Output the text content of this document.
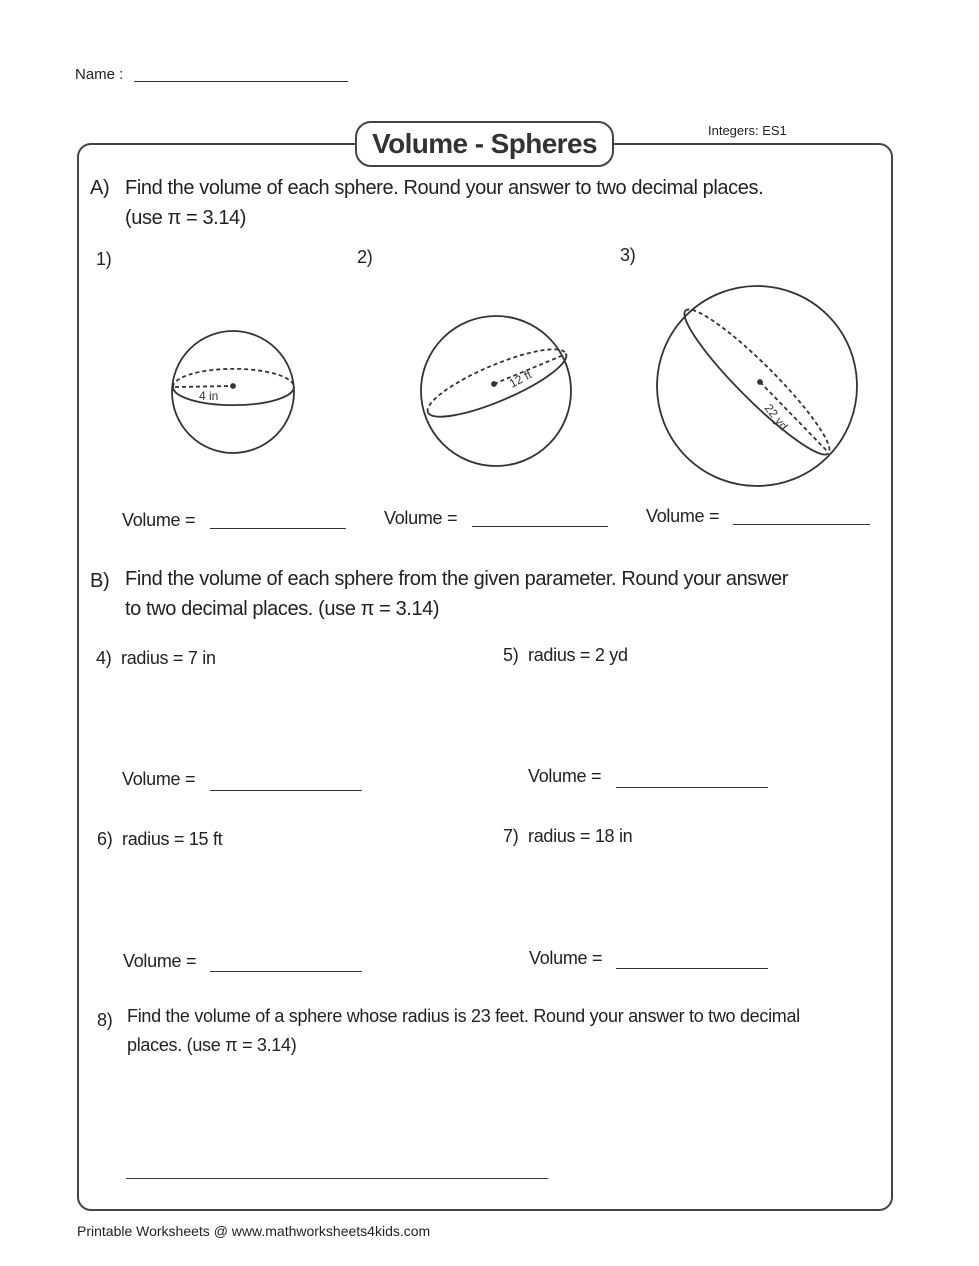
Name :
Volume - Spheres	Integers: ES1
A) Find the volume of each sphere. Round your answer to two decimal places.
(use π = 3.14)
1)	2)	3)
4 in
12 ft
22 yd
Volume =	Volume =	Volume =
B) Find the volume of each sphere from the given parameter. Round your answer
to two decimal places. (use π = 3.14)
4) radius = 7 in	5) radius = 2 yd
Volume =	Volume =
6) radius = 15 ft	7) radius = 18 in
Volume =	Volume =
8) Find the volume of a sphere whose radius is 23 feet. Round your answer to two decimal
places. (use π = 3.14)
Printable Worksheets @ www.mathworksheets4kids.com
